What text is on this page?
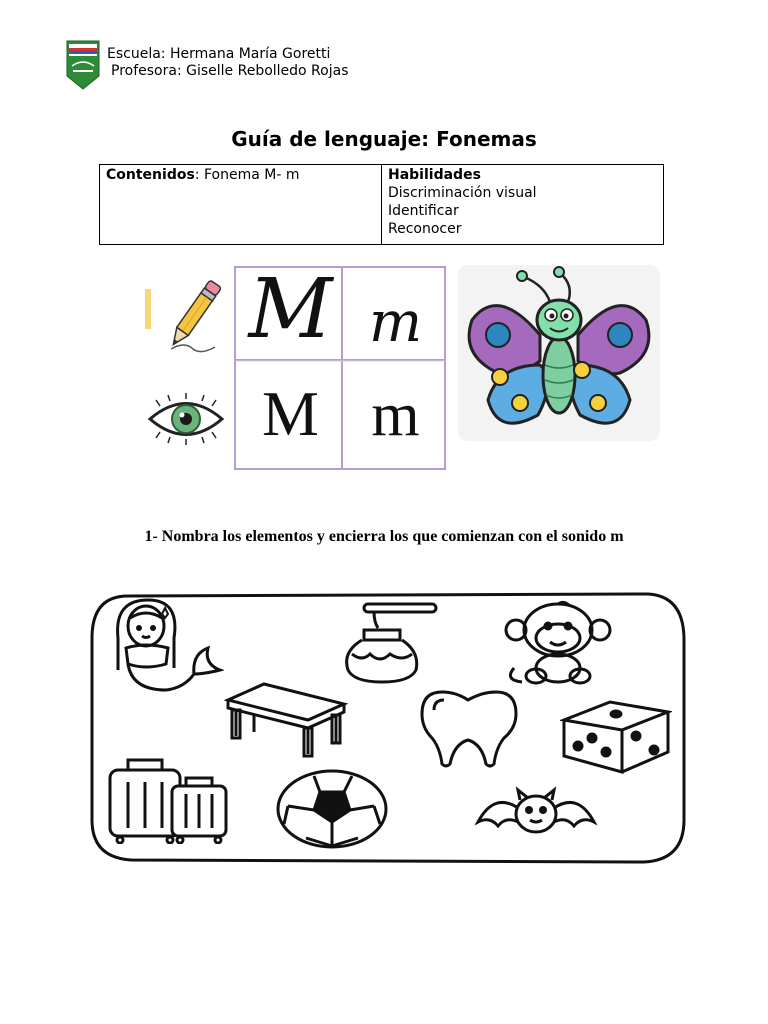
Escuela: Hermana María Goretti
Profesora: Giselle Rebolledo Rojas
Guía de lenguaje: Fonemas
Contenidos: Fonema M- m	Habilidades
Discriminación visual
Identificar
Reconocer
M m
M m
1- Nombra los elementos y encierra los que comienzan con el sonido m
